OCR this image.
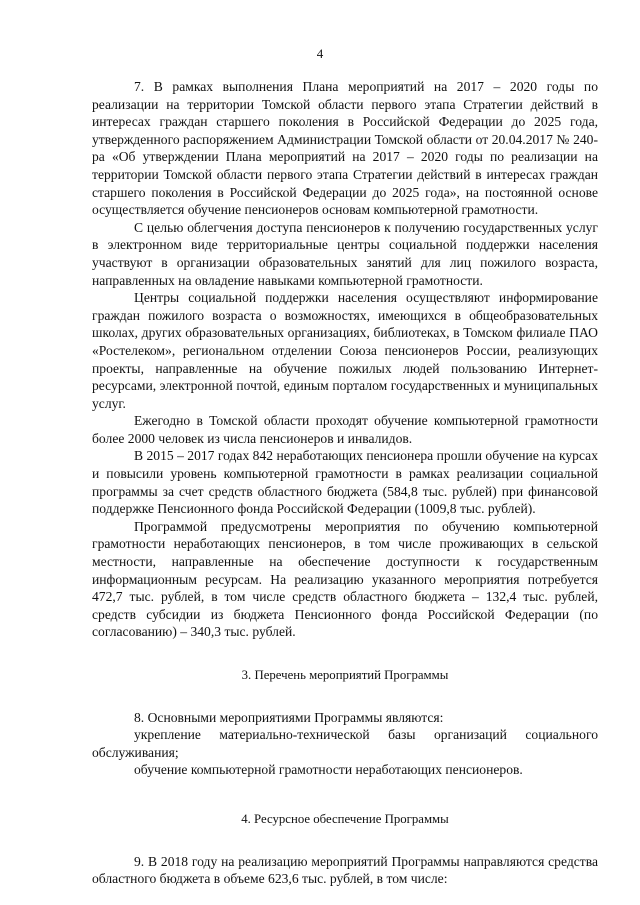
4

7. В рамках выполнения Плана мероприятий на 2017 – 2020 годы по реализации на территории Томской области первого этапа Стратегии действий в интересах граждан старшего поколения в Российской Федерации до 2025 года, утвержденного распоряжением Администрации Томской области от 20.04.2017 № 240-ра «Об утверждении Плана мероприятий на 2017 – 2020 годы по реализации на территории Томской области первого этапа Стратегии действий в интересах граждан старшего поколения в Российской Федерации до 2025 года», на постоянной основе осуществляется обучение пенсионеров основам компьютерной грамотности.

С целью облегчения доступа пенсионеров к получению государственных услуг в электронном виде территориальные центры социальной поддержки населения участвуют в организации образовательных занятий для лиц пожилого возраста, направленных на овладение навыками компьютерной грамотности.

Центры социальной поддержки населения осуществляют информирование граждан пожилого возраста о возможностях, имеющихся в общеобразовательных школах, других образовательных организациях, библиотеках, в Томском филиале ПАО «Ростелеком», региональном отделении Союза пенсионеров России, реализующих проекты, направленные на обучение пожилых людей пользованию Интернет-ресурсами, электронной почтой, единым порталом государственных и муниципальных услуг.

Ежегодно в Томской области проходят обучение компьютерной грамотности более 2000 человек из числа пенсионеров и инвалидов.

В 2015 – 2017 годах 842 неработающих пенсионера прошли обучение на курсах и повысили уровень компьютерной грамотности в рамках реализации социальной программы за счет средств областного бюджета (584,8 тыс. рублей) при финансовой поддержке Пенсионного фонда Российской Федерации (1009,8 тыс. рублей).

Программой предусмотрены мероприятия по обучению компьютерной грамотности неработающих пенсионеров, в том числе проживающих в сельской местности, направленные на обеспечение доступности к государственным информационным ресурсам. На реализацию указанного мероприятия потребуется 472,7 тыс. рублей, в том числе средств областного бюджета – 132,4 тыс. рублей, средств субсидии из бюджета Пенсионного фонда Российской Федерации (по согласованию) – 340,3 тыс. рублей.

3. Перечень мероприятий Программы

8. Основными мероприятиями Программы являются:

укрепление материально-технической базы организаций социального обслуживания;

обучение компьютерной грамотности неработающих пенсионеров.

4. Ресурсное обеспечение Программы

9. В 2018 году на реализацию мероприятий Программы направляются средства областного бюджета в объеме 623,6 тыс. рублей, в том числе:
